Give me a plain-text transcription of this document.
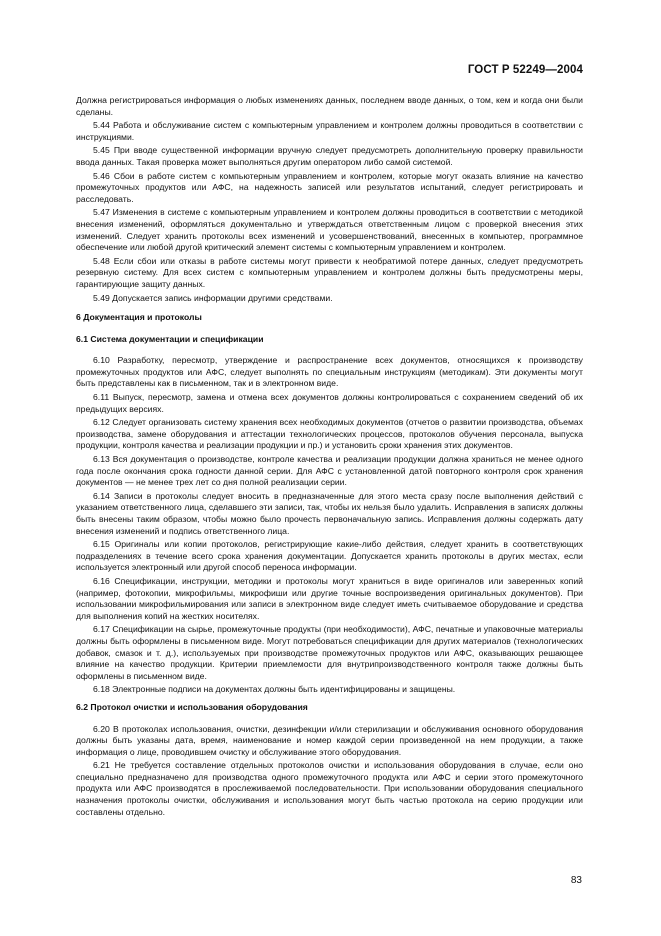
ГОСТ Р 52249—2004

Должна регистрироваться информация о любых изменениях данных, последнем вводе данных, о том, кем и когда они были сделаны.

5.44 Работа и обслуживание систем с компьютерным управлением и контролем должны проводиться в соответствии с инструкциями.

5.45 При вводе существенной информации вручную следует предусмотреть дополнительную проверку правильности ввода данных. Такая проверка может выполняться другим оператором либо самой системой.

5.46 Сбои в работе систем с компьютерным управлением и контролем, которые могут оказать влияние на качество промежуточных продуктов или АФС, на надежность записей или результатов испытаний, следует регистрировать и расследовать.

5.47 Изменения в системе с компьютерным управлением и контролем должны проводиться в соответствии с методикой внесения изменений, оформляться документально и утверждаться ответственным лицом с проверкой внесения этих изменений. Следует хранить протоколы всех изменений и усовершенствований, внесенных в компьютер, программное обеспечение или любой другой критический элемент системы с компьютерным управлением и контролем.

5.48 Если сбои или отказы в работе системы могут привести к необратимой потере данных, следует предусмотреть резервную систему. Для всех систем с компьютерным управлением и контролем должны быть предусмотрены меры, гарантирующие защиту данных.

5.49 Допускается запись информации другими средствами.

6 Документация и протоколы

6.1 Система документации и спецификации

6.10 Разработку, пересмотр, утверждение и распространение всех документов, относящихся к производству промежуточных продуктов или АФС, следует выполнять по специальным инструкциям (методикам). Эти документы могут быть представлены как в письменном, так и в электронном виде.

6.11 Выпуск, пересмотр, замена и отмена всех документов должны контролироваться с сохранением сведений об их предыдущих версиях.

6.12 Следует организовать систему хранения всех необходимых документов (отчетов о развитии производства, объемах производства, замене оборудования и аттестации технологических процессов, протоколов обучения персонала, выпуска продукции, контроля качества и реализации продукции и пр.) и установить сроки хранения этих документов.

6.13 Вся документация о производстве, контроле качества и реализации продукции должна храниться не менее одного года после окончания срока годности данной серии. Для АФС с установленной датой повторного контроля срок хранения документов — не менее трех лет со дня полной реализации серии.

6.14 Записи в протоколы следует вносить в предназначенные для этого места сразу после выполнения действий с указанием ответственного лица, сделавшего эти записи, так, чтобы их нельзя было удалить. Исправления в записях должны быть внесены таким образом, чтобы можно было прочесть первоначальную запись. Исправления должны содержать дату внесения изменений и подпись ответственного лица.

6.15 Оригиналы или копии протоколов, регистрирующие какие-либо действия, следует хранить в соответствующих подразделениях в течение всего срока хранения документации. Допускается хранить протоколы в других местах, если используется электронный или другой способ переноса информации.

6.16 Спецификации, инструкции, методики и протоколы могут храниться в виде оригиналов или заверенных копий (например, фотокопии, микрофильмы, микрофиши или другие точные воспроизведения оригинальных документов). При использовании микрофильмирования или записи в электронном виде следует иметь считываемое оборудование и средства для выполнения копий на жестких носителях.

6.17 Спецификации на сырье, промежуточные продукты (при необходимости), АФС, печатные и упаковочные материалы должны быть оформлены в письменном виде. Могут потребоваться спецификации для других материалов (технологических добавок, смазок и т. д.), используемых при производстве промежуточных продуктов или АФС, оказывающих решающее влияние на качество продукции. Критерии приемлемости для внутрипроизводственного контроля также должны быть оформлены в письменном виде.

6.18 Электронные подписи на документах должны быть идентифицированы и защищены.

6.2 Протокол очистки и использования оборудования

6.20 В протоколах использования, очистки, дезинфекции и/или стерилизации и обслуживания основного оборудования должны быть указаны дата, время, наименование и номер каждой серии произведенной на нем продукции, а также информация о лице, проводившем очистку и обслуживание этого оборудования.

6.21 Не требуется составление отдельных протоколов очистки и использования оборудования в случае, если оно специально предназначено для производства одного промежуточного продукта или АФС и серии этого промежуточного продукта или АФС производятся в прослеживаемой последовательности. При использовании оборудования специального назначения протоколы очистки, обслуживания и использования могут быть частью протокола на серию продукции или составлены отдельно.

83
